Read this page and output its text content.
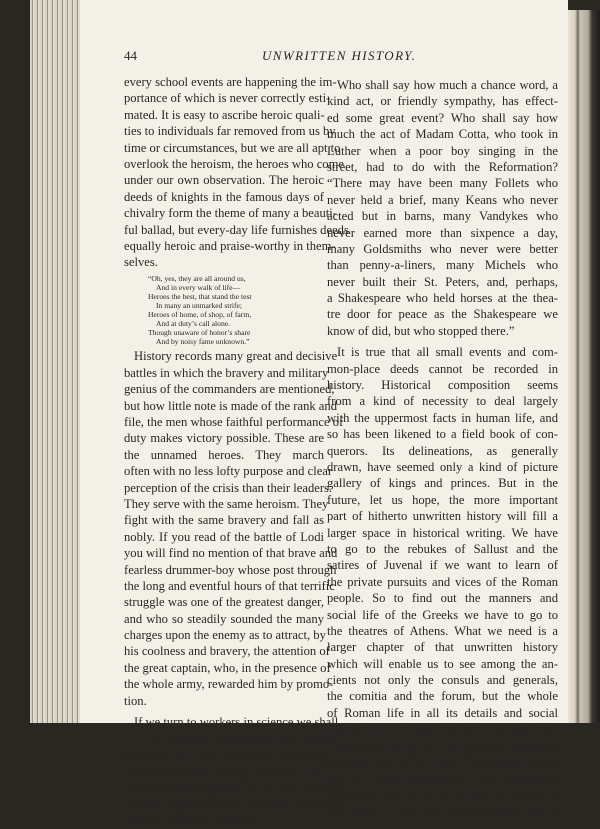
44	UNWRITTEN HISTORY.

every school events are happening the im-
portance of which is never correctly esti-
mated. It is easy to ascribe heroic quali-
ties to individuals far removed from us by
time or circumstances, but we are all apt to
overlook the heroism, the heroes who come
under our own observation. The heroic
deeds of knights in the famous days of
chivalry form the theme of many a beauti-
ful ballad, but every-day life furnishes deeds
equally heroic and praise-worthy in them-
selves.

“Oh, yes, they are all around us,
And in every walk of life—
Heroes the best, that stand the test
In many an unmarked strife;
Heroes of home, of shop, of farm,
And at duty’s call alone.
Though unaware of honor’s share
And by noisy fame unknown.”

History records many great and decisive
battles in which the bravery and military
genius of the commanders are mentioned,
but how little note is made of the rank and
file, the men whose faithful performance of
duty makes victory possible. These are
the unnamed heroes. They march
often with no less lofty purpose and clear
perception of the crisis than their leaders.
They serve with the same heroism. They
fight with the same bravery and fall as
nobly. If you read of the battle of Lodi
you will find no mention of that brave and
fearless drummer-boy whose post through
the long and eventful hours of that terrific
struggle was one of the greatest danger,
and who so steadily sounded the many
charges upon the enemy as to attract, by
his coolness and bravery, the attention of
the great captain, who, in the presence of
the whole army, rewarded him by promo-
tion.

If we turn to workers in science we shall
find that many of them never have received
the credit due their labors and frequently
have died comparatively unknown. They
wrought for the good of all, but their names
have only gone to swell the long list of the
world’s forgotten worthies.

Who shall say how much a chance word, a
kind act, or friendly sympathy, has effect-
ed some great event? Who shall say how
much the act of Madam Cotta, who took in
Luther when a poor boy singing in the
street, had to do with the Reformation?
“There may have been many Follets who
never held a brief, many Keans who never
acted but in barns, many Vandykes who
never earned more than sixpence a day,
many Goldsmiths who never were better
than penny-a-liners, many Michels who
never built their St. Peters, and, perhaps,
a Shakespeare who held horses at the thea-
tre door for peace as the Shakespeare we
know of did, but who stopped there.”

It is true that all small events and com-
mon-place deeds cannot be recorded in
history. Historical composition seems
from a kind of necessity to deal largely
with the uppermost facts in human life, and
so has been likened to a field book of con-
querors. Its delineations, as generally
drawn, have seemed only a kind of picture
gallery of kings and princes. But in the
future, let us hope, the more important
part of hitherto unwritten history will fill a
larger space in historical writing. We have
to go to the rebukes of Sallust and the
satires of Juvenal if we want to learn of
the private pursuits and vices of the Roman
people. So to find out the manners and
social life of the Greeks we have to go to
the theatres of Athens. What we need is a
larger chapter of that unwritten history
which will enable us to see among the an-
cients not only the consuls and generals,
the comitia and the forum, but the whole
of Roman life in all its details and social
aspects. While with modern life we shall
have given to us all that goes to make up
the sum-total of our manifold activities, as
well of noble deeds about the hearthstone
as on the field of battle, as well of domestic
and social life as of the outer and public
